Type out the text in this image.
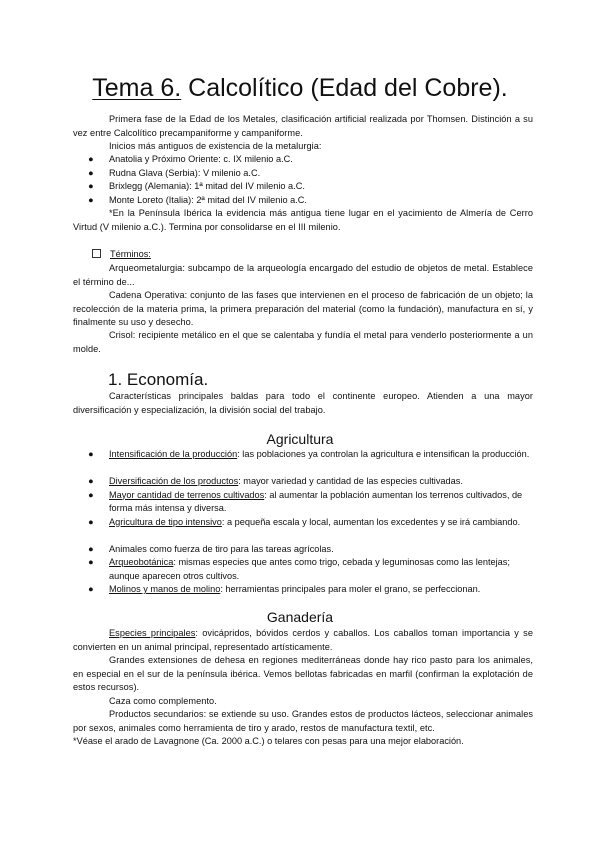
Tema 6. Calcolítico (Edad del Cobre).
Primera fase de la Edad de los Metales, clasificación artificial realizada por Thomsen. Distinción a su vez entre Calcolítico precampaniforme y campaniforme.
Inicios más antiguos de existencia de la metalurgia:
●	Anatolia y Próximo Oriente: c. IX milenio a.C.
●	Rudna Glava (Serbia): V milenio a.C.
●	Brixlegg (Alemania): 1ª mitad del IV milenio a.C.
●	Monte Loreto (Italia): 2ª mitad del IV milenio a.C.
*En la Península Ibérica la evidencia más antigua tiene lugar en el yacimiento de Almería de Cerro Virtud (V milenio a.C.). Termina por consolidarse en el III milenio.
Términos:
Arqueometalurgia: subcampo de la arqueología encargado del estudio de objetos de metal. Establece el término de...
Cadena Operativa: conjunto de las fases que intervienen en el proceso de fabricación de un objeto; la recolección de la materia prima, la primera preparación del material (como la fundación), manufactura en sí, y finalmente su uso y desecho.
Crisol: recipiente metálico en el que se calentaba y fundía el metal para venderlo posteriormente a un molde.
1. Economía.
Características principales baldas para todo el continente europeo. Atienden a una mayor diversificación y especialización, la división social del trabajo.
Agricultura
●	Intensificación de la producción: las poblaciones ya controlan la agricultura e intensifican la producción.
●	Diversificación de los productos: mayor variedad y cantidad de las especies cultivadas.
●	Mayor cantidad de terrenos cultivados: al aumentar la población aumentan los terrenos cultivados, de forma más intensa y diversa.
●	Agricultura de tipo intensivo: a pequeña escala y local, aumentan los excedentes y se irá cambiando.
●	Animales como fuerza de tiro para las tareas agrícolas.
●	Arqueobotánica: mismas especies que antes como trigo, cebada y leguminosas como las lentejas; aunque aparecen otros cultivos.
●	Molinos y manos de molino: herramientas principales para moler el grano, se perfeccionan.
Ganadería
Especies principales: ovicápridos, bóvidos cerdos y caballos. Los caballos toman importancia y se convierten en un animal principal, representado artísticamente.
Grandes extensiones de dehesa en regiones mediterráneas donde hay rico pasto para los animales, en especial en el sur de la península ibérica. Vemos bellotas fabricadas en marfil (confirman la explotación de estos recursos).
Caza como complemento.
Productos secundarios: se extiende su uso. Grandes estos de productos lácteos, seleccionar animales por sexos, animales como herramienta de tiro y arado, restos de manufactura textil, etc.
*Véase el arado de Lavagnone (Ca. 2000 a.C.) o telares con pesas para una mejor elaboración.
